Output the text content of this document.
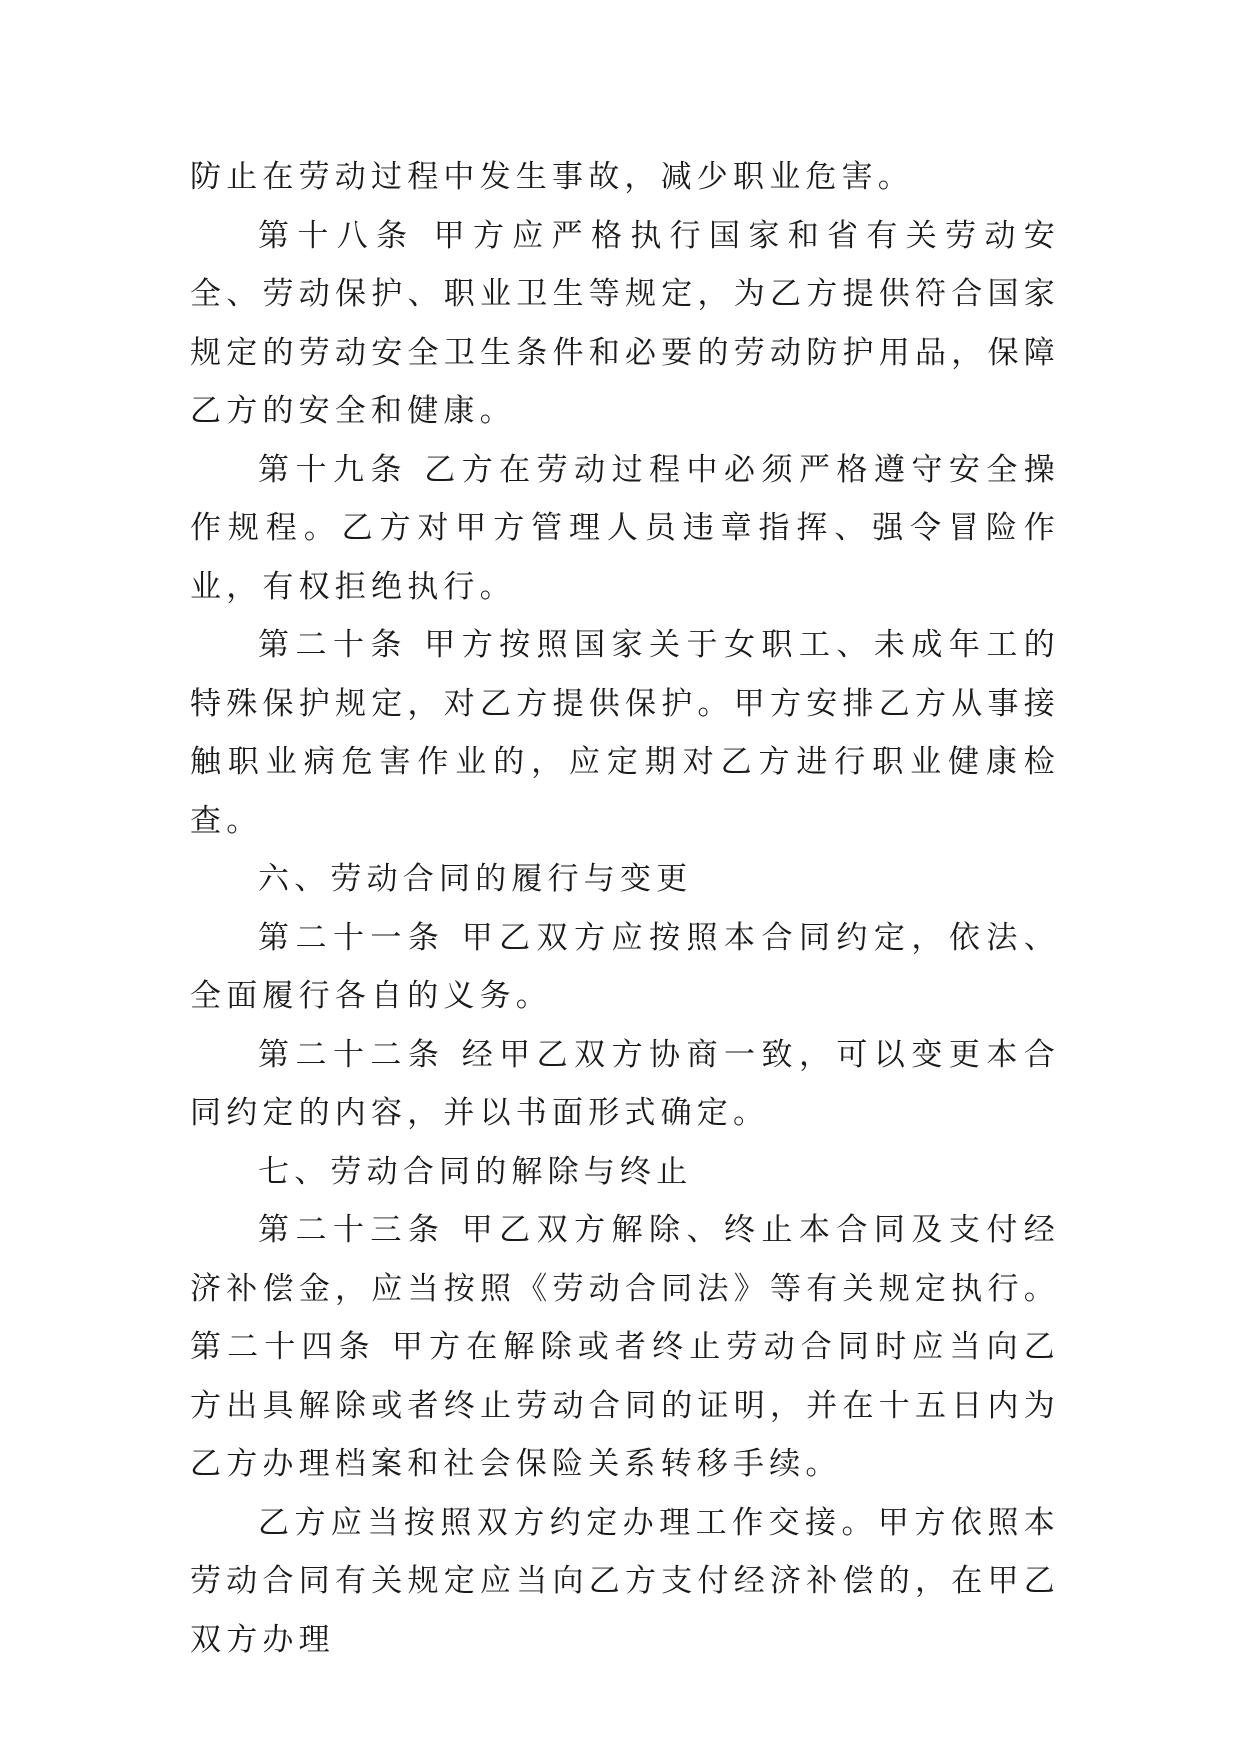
防止在劳动过程中发生事故，减少职业危害。

第十八条 甲方应严格执行国家和省有关劳动安全、劳动保护、职业卫生等规定，为乙方提供符合国家规定的劳动安全卫生条件和必要的劳动防护用品，保障乙方的安全和健康。

第十九条 乙方在劳动过程中必须严格遵守安全操作规程。乙方对甲方管理人员违章指挥、强令冒险作业，有权拒绝执行。

第二十条 甲方按照国家关于女职工、未成年工的特殊保护规定，对乙方提供保护。甲方安排乙方从事接触职业病危害作业的，应定期对乙方进行职业健康检查。

六、劳动合同的履行与变更

第二十一条 甲乙双方应按照本合同约定，依法、全面履行各自的义务。

第二十二条 经甲乙双方协商一致，可以变更本合同约定的内容，并以书面形式确定。

七、劳动合同的解除与终止

第二十三条 甲乙双方解除、终止本合同及支付经济补偿金，应当按照《劳动合同法》等有关规定执行。 第二十四条 甲方在解除或者终止劳动合同时应当向乙方出具解除或者终止劳动合同的证明，并在十五日内为乙方办理档案和社会保险关系转移手续。

乙方应当按照双方约定办理工作交接。甲方依照本劳动合同有关规定应当向乙方支付经济补偿的，在甲乙双方办理
